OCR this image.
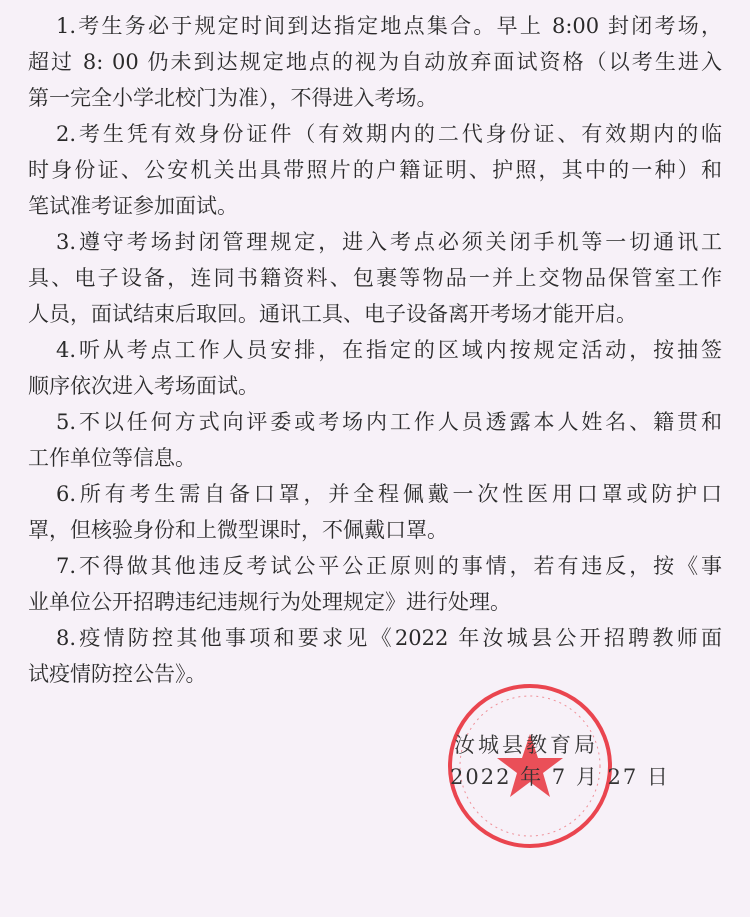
1.考生务必于规定时间到达指定地点集合。早上 8:00 封闭考场，
超过 8: 00 仍未到达规定地点的视为自动放弃面试资格（以考生进入
第一完全小学北校门为准），不得进入考场。
2.考生凭有效身份证件（有效期内的二代身份证、有效期内的临
时身份证、公安机关出具带照片的户籍证明、护照，其中的一种）和
笔试准考证参加面试。
3.遵守考场封闭管理规定，进入考点必须关闭手机等一切通讯工
具、电子设备，连同书籍资料、包裹等物品一并上交物品保管室工作
人员，面试结束后取回。通讯工具、电子设备离开考场才能开启。
4.听从考点工作人员安排，在指定的区域内按规定活动，按抽签
顺序依次进入考场面试。
5.不以任何方式向评委或考场内工作人员透露本人姓名、籍贯和
工作单位等信息。
6.所有考生需自备口罩，并全程佩戴一次性医用口罩或防护口
罩，但核验身份和上微型课时，不佩戴口罩。
7.不得做其他违反考试公平公正原则的事情，若有违反，按《事
业单位公开招聘违纪违规行为处理规定》进行处理。
8.疫情防控其他事项和要求见《2022 年汝城县公开招聘教师面
试疫情防控公告》。
汝城县教育局
2022 年 7 月 27 日
